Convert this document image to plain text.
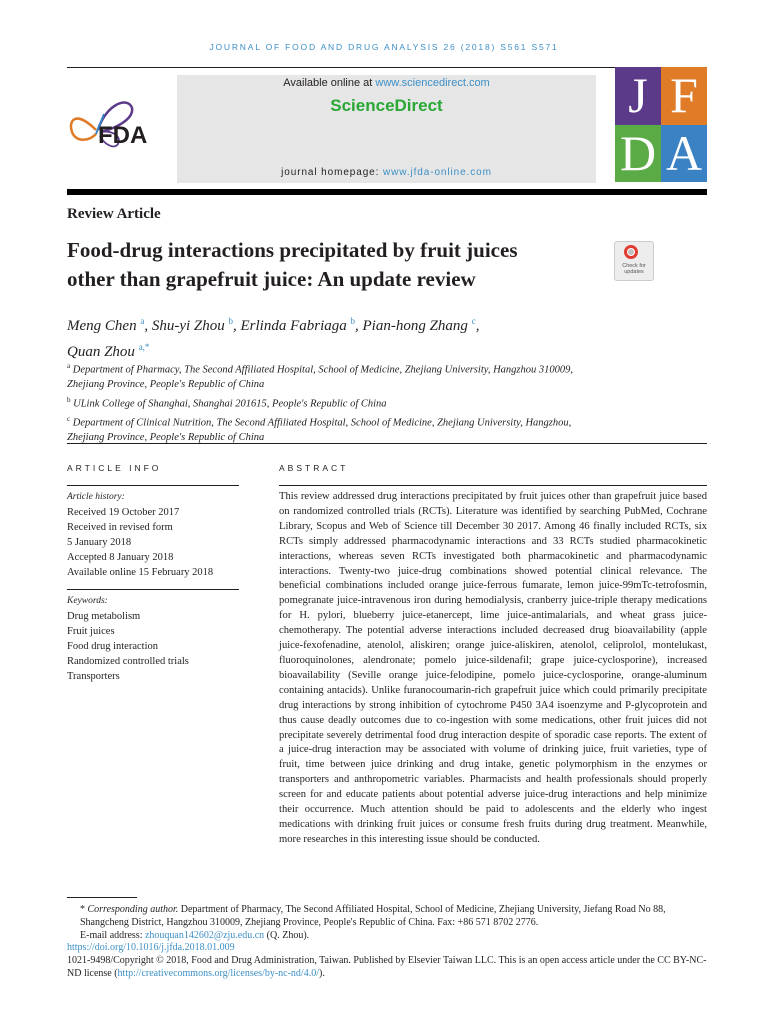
JOURNAL OF FOOD AND DRUG ANALYSIS 26 (2018) S561 S571
FDA
Available online at www.sciencedirect.com
ScienceDirect
journal homepage: www.jfda-online.com
J F
D A
Review Article
Food-drug interactions precipitated by fruit juices
other than grapefruit juice: An update review
Check for updates
Meng Chen $^a$, Shu-yi Zhou $^b$, Erlinda Fabriaga $^b$, Pian-hong Zhang $^c$,
Quan Zhou $^{a,*}$
$^a$ Department of Pharmacy, The Second Affiliated Hospital, School of Medicine, Zhejiang University, Hangzhou 310009, Zhejiang Province, People's Republic of China
$^b$ ULink College of Shanghai, Shanghai 201615, People's Republic of China
$^c$ Department of Clinical Nutrition, The Second Affiliated Hospital, School of Medicine, Zhejiang University, Hangzhou, Zhejiang Province, People's Republic of China
ARTICLE INFO	ABSTRACT
Article history:
Received 19 October 2017
Received in revised form
5 January 2018
Accepted 8 January 2018
Available online 15 February 2018
Keywords:
Drug metabolism
Fruit juices
Food drug interaction
Randomized controlled trials
Transporters
This review addressed drug interactions precipitated by fruit juices other than grapefruit juice based on randomized controlled trials (RCTs). Literature was identified by searching PubMed, Cochrane Library, Scopus and Web of Science till December 30 2017. Among 46 finally included RCTs, six RCTs simply addressed pharmacodynamic interactions and 33 RCTs studied pharmacokinetic interactions, whereas seven RCTs investigated both pharmacokinetic and pharmacodynamic interactions. Twenty-two juice-drug combinations showed potential clinical relevance. The beneficial combinations included orange juice-ferrous fumarate, lemon juice-99mTc-tetrofosmin, pomegranate juice-intravenous iron during hemodialysis, cranberry juice-triple therapy medications for H. pylori, blueberry juice-etanercept, lime juice-antimalarials, and wheat grass juice-chemotherapy. The potential adverse interactions included decreased drug bioavailability (apple juice-fexofenadine, atenolol, aliskiren; orange juice-aliskiren, atenolol, celiprolol, montelukast, fluoroquinolones, alendronate; pomelo juice-sildenafil; grape juice-cyclosporine), increased bioavailability (Seville orange juice-felodipine, pomelo juice-cyclosporine, orange-aluminum containing antacids). Unlike furanocoumarin-rich grapefruit juice which could primarily precipitate drug interactions by strong inhibition of cytochrome P450 3A4 isoenzyme and P-glycoprotein and thus cause deadly outcomes due to co-ingestion with some medications, other fruit juices did not precipitate severely detrimental food drug interaction despite of sporadic case reports. The extent of a juice-drug interaction may be associated with volume of drinking juice, fruit varieties, type of fruit, time between juice drinking and drug intake, genetic polymorphism in the enzymes or transporters and anthropometric variables. Pharmacists and health professionals should properly screen for and educate patients about potential adverse juice-drug interactions and help minimize their occurrence. Much attention should be paid to adolescents and the elderly who ingest medications with drinking fruit juices or consume fresh fruits during drug treatment. Meanwhile, more researches in this interesting issue should be conducted.
* Corresponding author. Department of Pharmacy, The Second Affiliated Hospital, School of Medicine, Zhejiang University, Jiefang Road No 88, Shangcheng District, Hangzhou 310009, Zhejiang Province, People's Republic of China. Fax: +86 571 8702 2776.
E-mail address: zhouquan142602@zju.edu.cn (Q. Zhou).
https://doi.org/10.1016/j.jfda.2018.01.009
1021-9498/Copyright © 2018, Food and Drug Administration, Taiwan. Published by Elsevier Taiwan LLC. This is an open access article under the CC BY-NC-ND license (http://creativecommons.org/licenses/by-nc-nd/4.0/).
